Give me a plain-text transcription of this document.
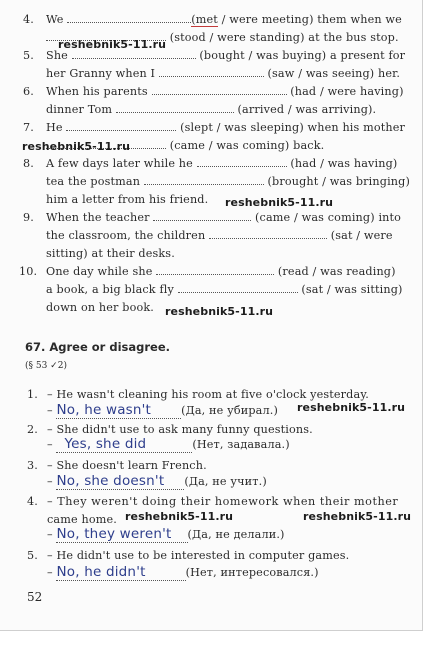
4.	We	(met / were meeting) them when we
(stood / were standing) at the bus stop.
5.	She	(bought / was buying) a present for
her Granny when I	(saw / was seeing) her.
6.	When his parents	(had / were having)
dinner Tom	(arrived / was arriving).
7.	He	(slept / was sleeping) when his mother
(came / was coming) back.
8.	A few days later while he	(had / was having)
tea the postman	(brought / was bringing)
him a letter from his friend.
9.	When the teacher	(came / was coming) into
the classroom, the children	(sat / were
sitting) at their desks.
10. One day while she	(read / was reading)
a book, a big black fly	(sat / was sitting)
down on her book.
reshebnik5-11.ru
reshebnik5-11.ru
reshebnik5-11.ru
reshebnik5-11.ru
reshebnik5-11.ru
reshebnik5-11.ru	reshebnik5-11.ru
67. Agree or disagree.
(§ 53 ✓2)
1. – He wasn't cleaning his room at five o'clock yesterday.
– No, he wasn't	(Да, не убирал.)
2. – She didn't use to ask many funny questions.
– Yes, she did	(Нет, задавала.)
3. – She doesn't learn French.
– No, she doesn't (Да, не учит.)
4. – They weren't doing their homework when their mother
came home.
– No, they weren't (Да, не делали.)
5. – He didn't use to be interested in computer games.
– No, he didn't	(Нет, интересовался.)
52
